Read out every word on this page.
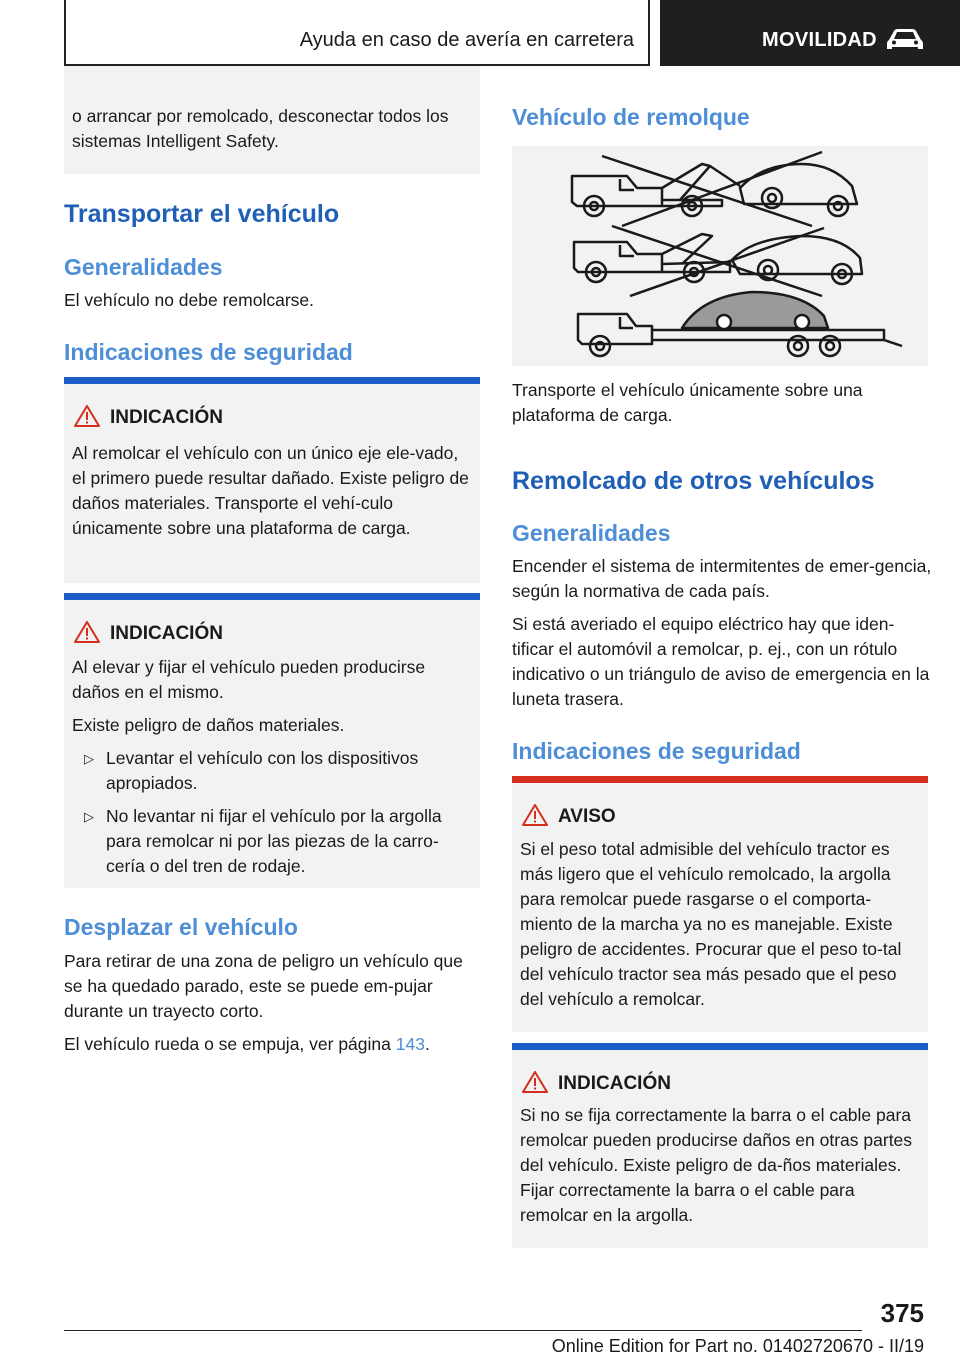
Ayuda en caso de avería en carretera	MOVILIDAD
o arrancar por remolcado, desconectar todos los sistemas Intelligent Safety.
Transportar el vehículo
Generalidades
El vehículo no debe remolcarse.
Indicaciones de seguridad
INDICACIÓN
Al remolcar el vehículo con un único eje ele-vado, el primero puede resultar dañado. Existe peligro de daños materiales. Transporte el vehí-culo únicamente sobre una plataforma de carga.
INDICACIÓN

Al elevar y fijar el vehículo pueden producirse daños en el mismo.

Existe peligro de daños materiales.

▷ Levantar el vehículo con los dispositivos apropiados.
▷ No levantar ni fijar el vehículo por la argolla para remolcar ni por las piezas de la carro-cería o del tren de rodaje.
Desplazar el vehículo
Para retirar de una zona de peligro un vehículo que se ha quedado parado, este se puede em-pujar durante un trayecto corto.
El vehículo rueda o se empuja, ver página 143.
Vehículo de remolque
Transporte el vehículo únicamente sobre una plataforma de carga.
Remolcado de otros vehículos
Generalidades
Encender el sistema de intermitentes de emer-gencia, según la normativa de cada país.
Si está averiado el equipo eléctrico hay que iden-tificar el automóvil a remolcar, p. ej., con un rótulo indicativo o un triángulo de aviso de emergencia en la luneta trasera.
Indicaciones de seguridad
AVISO
Si el peso total admisible del vehículo tractor es más ligero que el vehículo remolcado, la argolla para remolcar puede rasgarse o el comporta-miento de la marcha ya no es manejable. Existe peligro de accidentes. Procurar que el peso to-tal del vehículo tractor sea más pesado que el peso del vehículo a remolcar.
INDICACIÓN
Si no se fija correctamente la barra o el cable para remolcar pueden producirse daños en otras partes del vehículo. Existe peligro de da-ños materiales. Fijar correctamente la barra o el cable para remolcar en la argolla.
375
Online Edition for Part no. 01402720670 - II/19
